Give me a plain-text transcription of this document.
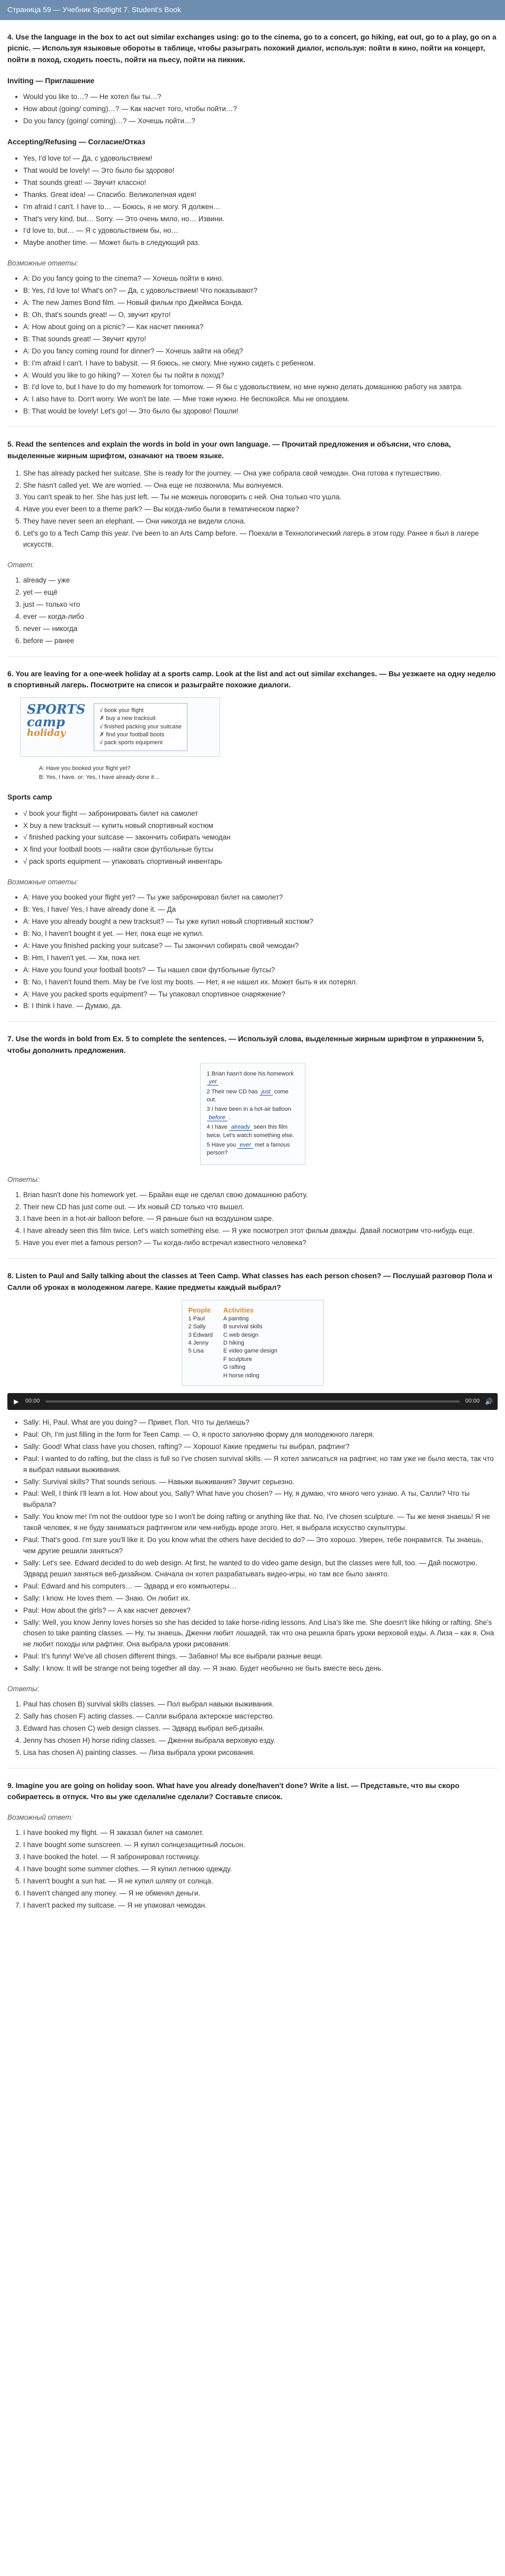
Страница 59 — Учебник Spotlight 7. Student's Book
4. Use the language in the box to act out similar exchanges using: go to the cinema, go to a concert, go hiking, eat out, go to a play, go on a picnic. — Используя языковые обороты в таблице, чтобы разыграть похожий диалог, используя: пойти в кино, пойти на концерт, пойти в поход, сходить поесть, пойти на пьесу, пойти на пикник.
Inviting — Приглашение
• Would you like to…? — Не хотел бы ты…?
• How about (going/ coming)…? — Как насчет того, чтобы пойти…?
• Do you fancy (going/ coming)…? — Хочешь пойти…?
Accepting/Refusing — Согласие/Отказ
• Yes, I'd love to! — Да, с удовольствием!
• That would be lovely! — Это было бы здорово!
• That sounds great! — Звучит классно!
• Thanks. Great idea! — Спасибо. Великолепная идея!
• I'm afraid I can't. I have to… — Боюсь, я не могу. Я должен…
• That's very kind, but… Sorry. — Это очень мило, но… Извини.
• I'd love to, but… — Я с удовольствием бы, но…
• Maybe another time. — Может быть в следующий раз.
Возможные ответы:
• A: Do you fancy going to the cinema? — Хочешь пойти в кино.
• B: Yes, I'd love to! What's on? — Да, с удовольствием! Что показывают?
• A: The new James Bond film. — Новый фильм про Джеймса Бонда.
• B: Oh, that's sounds great! — О, звучит круто!
• A: How about going on a picnic? — Как насчет пикника?
• B: That sounds great! — Звучит круто!
• A: Do you fancy coming round for dinner? — Хочешь зайти на обед?
• B: I'm afraid I can't. I have to babysit. — Я боюсь, не смогу. Мне нужно сидеть с ребенком.
• A: Would you like to go hiking? — Хотел бы ты пойти в поход?
• B: I'd love to, but I have to do my homework for tomorrow. — Я бы с удовольствием, но мне нужно делать домашнюю работу на завтра.
• A: I also have to. Don't worry. We won't be late. — Мне тоже нужно. Не беспокойся. Мы не опоздаем.
• B: That would be lovely! Let's go! — Это было бы здорово! Пошли!
5. Read the sentences and explain the words in bold in your own language. — Прочитай предложения и объясни, что слова, выделенные жирным шрифтом, означают на твоем языке.
1. She has already packed her suitcase. She is ready for the journey. — Она уже собрала свой чемодан. Она готова к путешествию.
2. She hasn't called yet. We are worried. — Она еще не позвонила. Мы волнуемся.
3. You can't speak to her. She has just left. — Ты не можешь поговорить с ней. Она только что ушла.
4. Have you ever been to a theme park? — Вы когда-либо были в тематическом парке?
5. They have never seen an elephant. — Они никогда не видели слона.
6. Let's go to a Tech Camp this year. I've been to an Arts Camp before. — Поехали в Технологический лагерь в этом году. Ранее я был в лагере искусств.
Ответ:
1. already — уже
2. yet — ещё
3. just — только что
4. ever — когда-либо
5. never — никогда
6. before — ранее
6. You are leaving for a one-week holiday at a sports camp. Look at the list and act out similar exchanges. — Вы уезжаете на одну неделю в спортивный лагерь. Посмотрите на список и разыграйте похожие диалоги.
SPORTS
camp
holiday
√ book your flight
✗ buy a new tracksuit
√ finished packing your suitcase
✗ find your football boots
√ pack sports equipment
A: Have you booked your flight yet?
B: Yes, I have. or: Yes, I have already done it…
Sports camp
• √ book your flight — забронировать билет на самолет
• X buy a new tracksuit — купить новый спортивный костюм
• √ finished packing your suitcase — закончить собирать чемодан
• X find your football boots — найти свои футбольные бутсы
• √ pack sports equipment — упаковать спортивный инвентарь
Возможные ответы:
• A: Have you booked your flight yet? — Ты уже забронировал билет на самолет?
• B: Yes, I have/ Yes, I have already done it. — Да
• A: Have you already bought a new tracksuit? — Ты уже купил новый спортивный костюм?
• B: No, I haven't bought it yet. — Нет, пока еще не купил.
• A: Have you finished packing your suitcase? — Ты закончил собирать свой чемодан?
• B: Hm, I haven't yet. — Хм, пока нет.
• A: Have you found your football boots? — Ты нашел свои футбольные бутсы?
• B: No, I haven't found them. May be I've lost my boots. — Нет, я не нашел их. Может быть я их потерял.
• A: Have you packed sports equipment? — Ты упаковал спортивное снаряжение?
• B: I think I have. — Думаю, да.
7. Use the words in bold from Ex. 5 to complete the sentences. — Используй слова, выделенные жирным шрифтом в упражнении 5, чтобы дополнить предложения.
1 Brian hasn't done his homework yet .
2 Their new CD has just come out.
3 I have been in a hot-air balloon before .
4 I have already seen this film twice. Let's watch something else.
5 Have you ever met a famous person?
Ответы:
1. Brian hasn't done his homework yet. — Брайан еще не сделал свою домашнюю работу.
2. Their new CD has just come out. — Их новый CD только что вышел.
3. I have been in a hot-air balloon before. — Я раньше был на воздушном шаре.
4. I have already seen this film twice. Let's watch something else. — Я уже посмотрел этот фильм дважды. Давай посмотрим что-нибудь еще.
5. Have you ever met a famous person? — Ты когда-либо встречал известного человека?
8. Listen to Paul and Sally talking about the classes at Teen Camp. What classes has each person chosen? — Послушай разговор Пола и Салли об уроках в молодежном лагере. Какие предметы каждый выбрал?
People
1 Paul
2 Sally
3 Edward
4 Jenny
5 Lisa
Activities
A painting
B survival skills
C web design
D hiking
E video game design
F sculpture
G rafting
H horse riding
▶ 00:00	00:00 🔊
• Sally: Hi, Paul. What are you doing? — Привет, Пол. Что ты делаешь?
• Paul: Oh, I'm just filling in the form for Teen Camp. — О, я просто заполняю форму для молодежного лагеря.
• Sally: Good! What class have you chosen, rafting? — Хорошо! Какие предметы ты выбрал, рафтинг?
• Paul: I wanted to do rafting, but the class is full so I've chosen survival skills. — Я хотел записаться на рафтинг, но там уже не было места, так что я выбрал навыки выживания.
• Sally: Survival skills? That sounds serious. — Навыки выживания? Звучит серьезно.
• Paul: Well, I think I'll learn a lot. How about you, Sally? What have you chosen? — Ну, я думаю, что много чего узнаю. А ты, Салли? Что ты выбрала?
• Sally: You know me! I'm not the outdoor type so I won't be doing rafting or anything like that. No, I've chosen sculpture. — Ты же меня знаешь! Я не такой человек, я не буду заниматься рафтингом или чем-нибудь вроде этого. Нет, я выбрала искусство скульптуры.
• Paul: That's good. I'm sure you'll like it. Do you know what the others have decided to do? — Это хорошо. Уверен, тебе понравится. Ты знаешь, чем другие решили заняться?
• Sally: Let's see. Edward decided to do web design. At first, he wanted to do video game design, but the classes were full, too. — Дай посмотрю. Эдвард решил заняться веб-дизайном. Сначала он хотел разрабатывать видео-игры, но там все было занято.
• Paul: Edward and his computers… — Эдвард и его компьютеры…
• Sally: I know. He loves them. — Знаю. Он любит их.
• Paul: How about the girls? — А как насчет девочек?
• Sally: Well, you know Jenny loves horses so she has decided to take horse-riding lessons. And Lisa's like me. She doesn't like hiking or rafting. She's chosen to take painting classes. — Ну, ты знаешь, Дженни любит лошадей, так что она решила брать уроки верховой езды. А Лиза – как я. Она не любит походы или рафтинг. Она выбрала уроки рисования.
• Paul: It's funny! We've all chosen different things. — Забавно! Мы все выбрали разные вещи.
• Sally: I know. It will be strange not being together all day. — Я знаю. Будет необычно не быть вместе весь день.
Ответы:
1. Paul has chosen B) survival skills classes. — Пол выбрал навыки выживания.
2. Sally has chosen F) acting classes. — Салли выбрала актерское мастерство.
3. Edward has chosen C) web design classes. — Эдвард выбрал веб-дизайн.
4. Jenny has chosen H) horse riding classes. — Дженни выбрала верховую езду.
5. Lisa has chosen A) painting classes. — Лиза выбрала уроки рисования.
9. Imagine you are going on holiday soon. What have you already done/haven't done? Write a list. — Представьте, что вы скоро собираетесь в отпуск. Что вы уже сделали/не сделали? Составьте список.
Возможный ответ:
1. I have booked my flight. — Я заказал билет на самолет.
2. I have bought some sunscreen. — Я купил солнцезащитный лосьон.
3. I have booked the hotel. — Я забронировал гостиницу.
4. I have bought some summer clothes. — Я купил летнюю одежду.
5. I haven't bought a sun hat. — Я не купил шляпу от солнца.
6. I haven't changed any money. — Я не обменял деньги.
7. I haven't packed my suitcase. — Я не упаковал чемодан.
